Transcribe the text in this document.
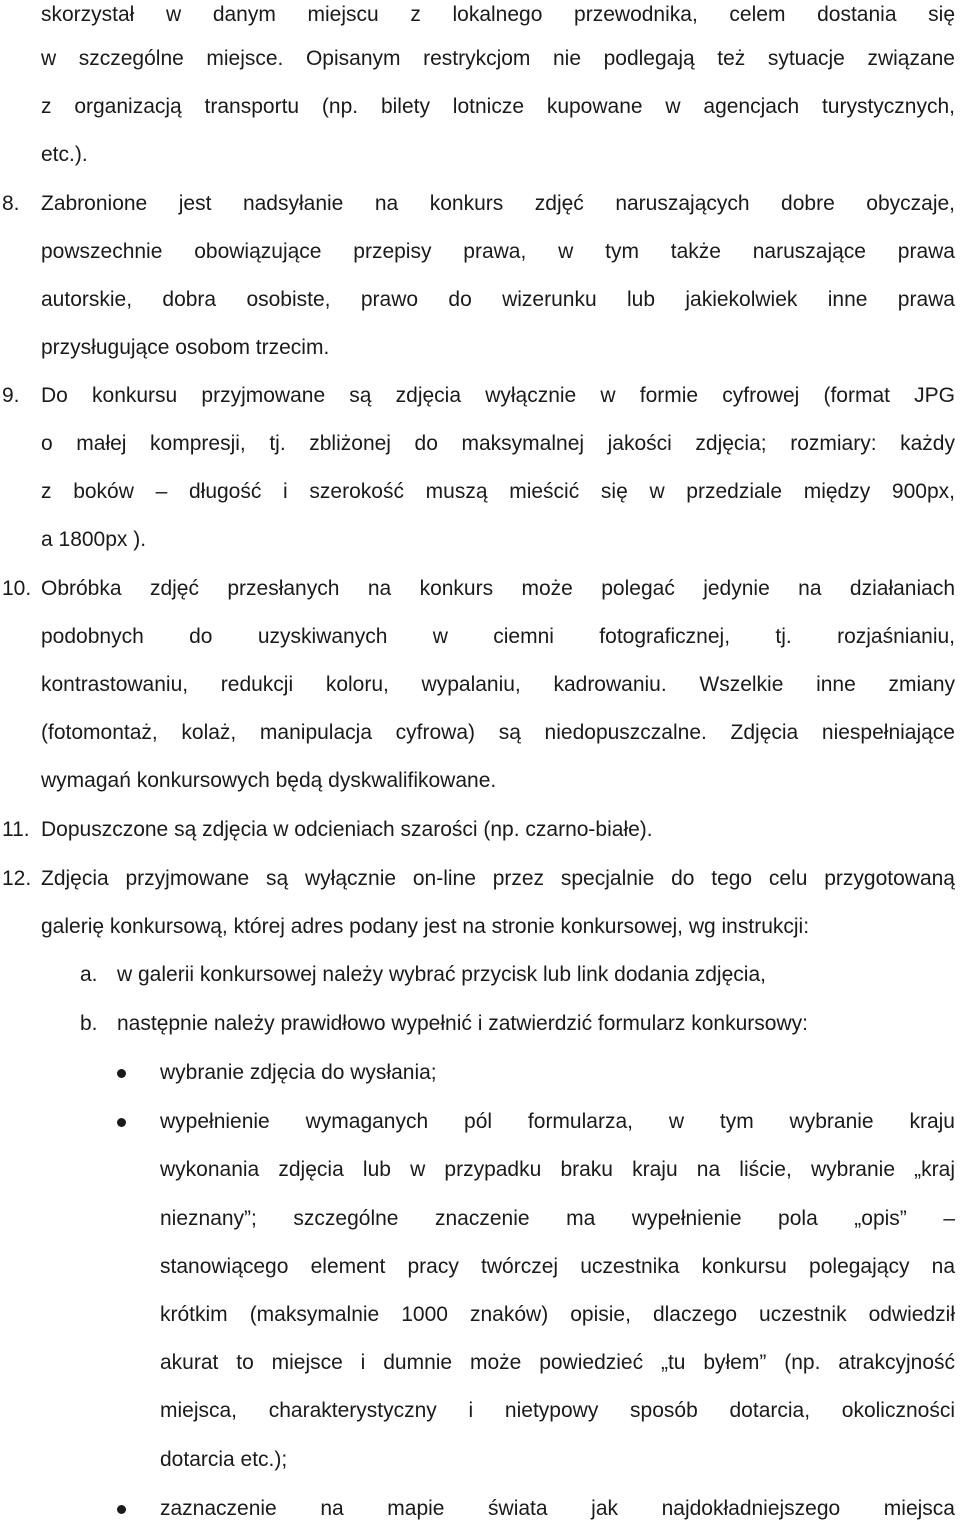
skorzystał w danym miejscu z lokalnego przewodnika, celem dostania się
w szczególne miejsce. Opisanym restrykcjom nie podlegają też sytuacje związane
z organizacją transportu (np. bilety lotnicze kupowane w agencjach turystycznych,
etc.).
8.	Zabronione jest nadsyłanie na konkurs zdjęć naruszających dobre obyczaje,
powszechnie obowiązujące przepisy prawa, w tym także naruszające prawa
autorskie, dobra osobiste, prawo do wizerunku lub jakiekolwiek inne prawa
przysługujące osobom trzecim.
9.	Do konkursu przyjmowane są zdjęcia wyłącznie w formie cyfrowej (format JPG
o małej kompresji, tj. zbliżonej do maksymalnej jakości zdjęcia; rozmiary: każdy
z boków – długość i szerokość muszą mieścić się w przedziale między 900px,
a 1800px ).
10. Obróbka zdjęć przesłanych na konkurs może polegać jedynie na działaniach
podobnych do uzyskiwanych w ciemni fotograficznej, tj. rozjaśnianiu,
kontrastowaniu, redukcji koloru, wypalaniu, kadrowaniu. Wszelkie inne zmiany
(fotomontaż, kolaż, manipulacja cyfrowa) są niedopuszczalne. Zdjęcia niespełniające
wymagań konkursowych będą dyskwalifikowane.
11. Dopuszczone są zdjęcia w odcieniach szarości (np. czarno-białe).
12. Zdjęcia przyjmowane są wyłącznie on-line przez specjalnie do tego celu przygotowaną
galerię konkursową, której adres podany jest na stronie konkursowej, wg instrukcji:
a. w galerii konkursowej należy wybrać przycisk lub link dodania zdjęcia,
b. następnie należy prawidłowo wypełnić i zatwierdzić formularz konkursowy:
wybranie zdjęcia do wysłania;
wypełnienie wymaganych pól formularza, w tym wybranie kraju
wykonania zdjęcia lub w przypadku braku kraju na liście, wybranie „kraj
nieznany”; szczególne znaczenie ma wypełnienie pola „opis” –
stanowiącego element pracy twórczej uczestnika konkursu polegający na
krótkim (maksymalnie 1000 znaków) opisie, dlaczego uczestnik odwiedził
akurat to miejsce i dumnie może powiedzieć „tu byłem” (np. atrakcyjność
miejsca, charakterystyczny i nietypowy sposób dotarcia, okoliczności
dotarcia etc.);
zaznaczenie na mapie świata jak najdokładniejszego miejsca
